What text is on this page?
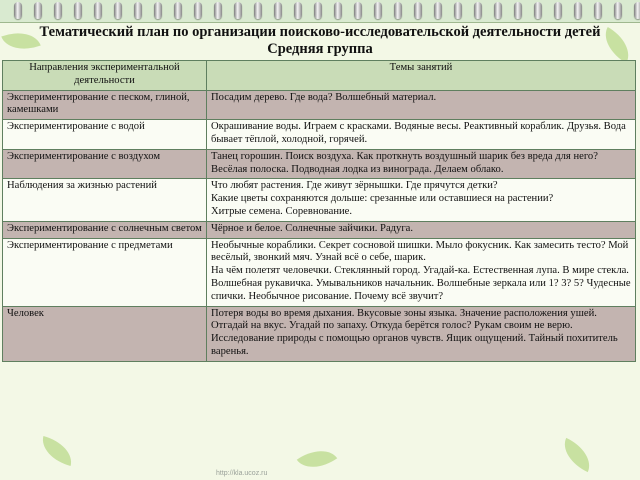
Тематический план по организации поисково-исследовательской деятельности детей
Средняя группа
Направления экспериментальной деятельности	Темы занятий
Экспериментирование с песком, глиной, камешками	Посадим дерево. Где вода? Волшебный материал.

Экспериментирование с водой	Окрашивание воды. Играем с красками. Водяные весы. Реактивный кораблик. Друзья. Вода бывает тёплой, холодной, горячей.

Экспериментирование с воздухом	Танец горошин. Поиск воздуха. Как проткнуть воздушный шарик без вреда для него? Весёлая полоска. Подводная лодка из винограда. Делаем облако.

Наблюдения за жизнью растений	Что любят растения. Где живут зёрнышки. Где прячутся детки?
Какие цветы сохраняются дольше: срезанные или оставшиеся на растении?
Хитрые семена. Соревнование.

Экспериментирование с солнечным светом	Чёрное и белое. Солнечные зайчики. Радуга.

Экспериментирование с предметами	Необычные кораблики. Секрет сосновой шишки. Мыло фокусник. Как замесить тесто? Мой весёлый, звонкий мяч. Узнай всё о себе, шарик.
На чём полетят человечки. Стеклянный город. Угадай-ка. Естественная лупа. В мире стекла. Волшебная рукавичка. Умывальников начальник. Волшебные зеркала или 1? 3? 5? Чудесные спички. Необычное рисование. Почему всё звучит?

Человек	Потеря воды во время дыхания. Вкусовые зоны языка. Значение расположения ушей. Отгадай на вкус. Угадай по запаху. Откуда берётся голос? Рукам своим не верю. Исследование природы с помощью органов чувств. Ящик ощущений. Тайный похититель варенья.
http://kla.ucoz.ru
